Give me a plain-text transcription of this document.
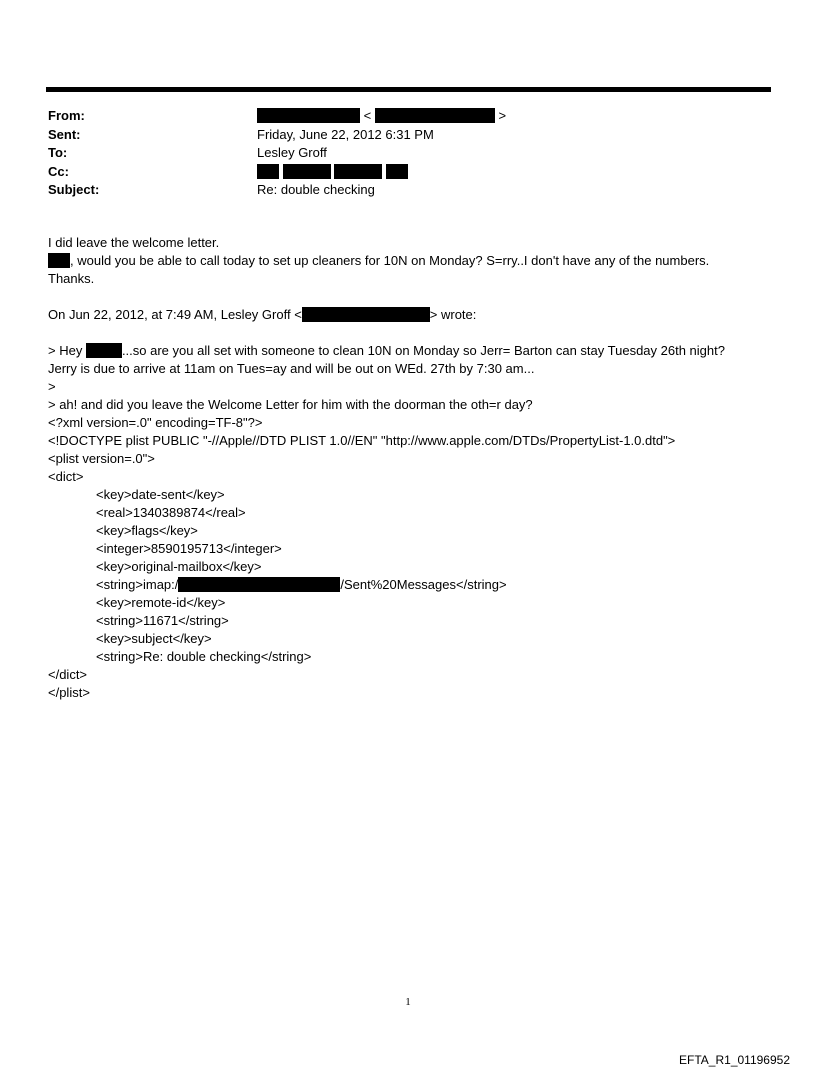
From:	<	>
Sent:	Friday, June 22, 2012 6:31 PM
To:	Lesley Groff
Cc:

Subject:	Re: double checking
I did leave the welcome letter.
, would you be able to call today to set up cleaners for 10N on Monday? S=rry..I don't have any of the numbers.
Thanks.
On Jun 22, 2012, at 7:49 AM, Lesley Groff <	> wrote:
> Hey	...so are you all set with someone to clean 10N on Monday so Jerr= Barton can stay Tuesday 26th night?
Jerry is due to arrive at 11am on Tues=ay and will be out on WEd. 27th by 7:30 am...
>
> ah! and did you leave the Welcome Letter for him with the doorman the oth=r day?
<?xml version=.0" encoding=TF-8"?>
<!DOCTYPE plist PUBLIC "-//Apple//DTD PLIST 1.0//EN" "http://www.apple.com/DTDs/PropertyList-1.0.dtd">
<plist version=.0">
<dict>
<key>date-sent</key>
<real>1340389874</real>
<key>flags</key>
<integer>8590195713</integer>
<key>original-mailbox</key>
<string>imap:/	/Sent%20Messages</string>
<key>remote-id</key>
<string>11671</string>
<key>subject</key>
<string>Re: double checking</string>
</dict>
</plist>
1
EFTA_R1_01196952
